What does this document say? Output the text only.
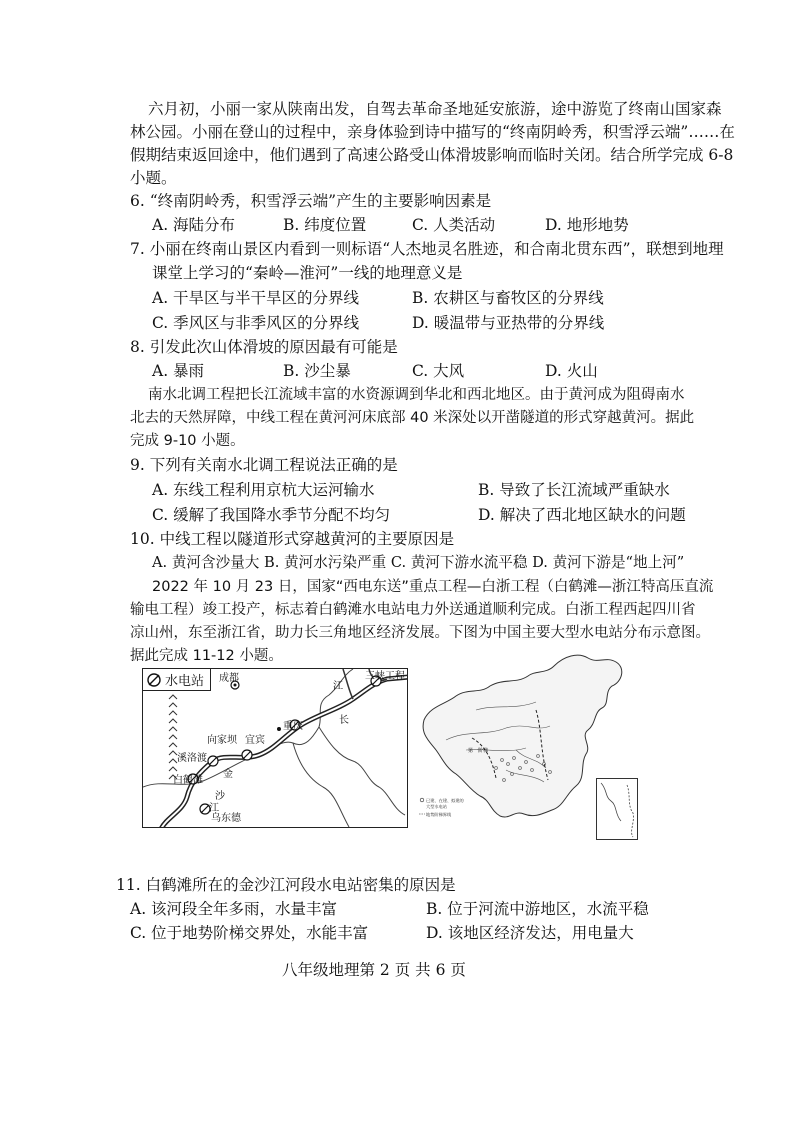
六月初，小丽一家从陕南出发，自驾去革命圣地延安旅游，途中游览了终南山国家森
林公园。小丽在登山的过程中，亲身体验到诗中描写的“终南阴岭秀，积雪浮云端”……在
假期结束返回途中，他们遇到了高速公路受山体滑坡影响而临时关闭。结合所学完成 6-8
小题。
6. “终南阴岭秀，积雪浮云端”产生的主要影响因素是
A. 海陆分布	B. 纬度位置	C. 人类活动	D. 地形地势
7. 小丽在终南山景区内看到一则标语“人杰地灵名胜迹，和合南北贯东西”，联想到地理
课堂上学习的“秦岭—淮河”一线的地理意义是
A. 干旱区与半干旱区的分界线	B. 农耕区与畜牧区的分界线
C. 季风区与非季风区的分界线	D. 暖温带与亚热带的分界线
8. 引发此次山体滑坡的原因最有可能是
A. 暴雨	B. 沙尘暴	C. 大风	D. 火山
南水北调工程把长江流域丰富的水资源调到华北和西北地区。由于黄河成为阻碍南水
北去的天然屏障，中线工程在黄河河床底部 40 米深处以开凿隧道的形式穿越黄河。据此
完成 9-10 小题。
9. 下列有关南水北调工程说法正确的是
A. 东线工程利用京杭大运河输水	B. 导致了长江流域严重缺水
C. 缓解了我国降水季节分配不均匀	D. 解决了西北地区缺水的问题
10. 中线工程以隧道形式穿越黄河的主要原因是
A. 黄河含沙量大 B. 黄河水污染严重 C. 黄河下游水流平稳 D. 黄河下游是“地上河”
2022 年 10 月 23 日，国家“西电东送”重点工程—白浙工程（白鹤滩—浙江特高压直流
输电工程）竣工投产，标志着白鹤滩水电站电力外送通道顺利完成。白浙工程西起四川省
凉山州，东至浙江省，助力长三角地区经济发展。下图为中国主要大型水电站分布示意图。
据此完成 11-12 小题。
水电站 成都
江
三峡工程
长
向家坝 宜宾
重庆
溪洛渡
金
白鹤滩
沙
江
乌东德
第一阶梯
已建、在建、拟建的
大型水电站
地势阶梯界线
11. 白鹤滩所在的金沙江河段水电站密集的原因是
A. 该河段全年多雨，水量丰富	B. 位于河流中游地区，水流平稳
C. 位于地势阶梯交界处，水能丰富	D. 该地区经济发达，用电量大
八年级地理第 2 页 共 6 页
